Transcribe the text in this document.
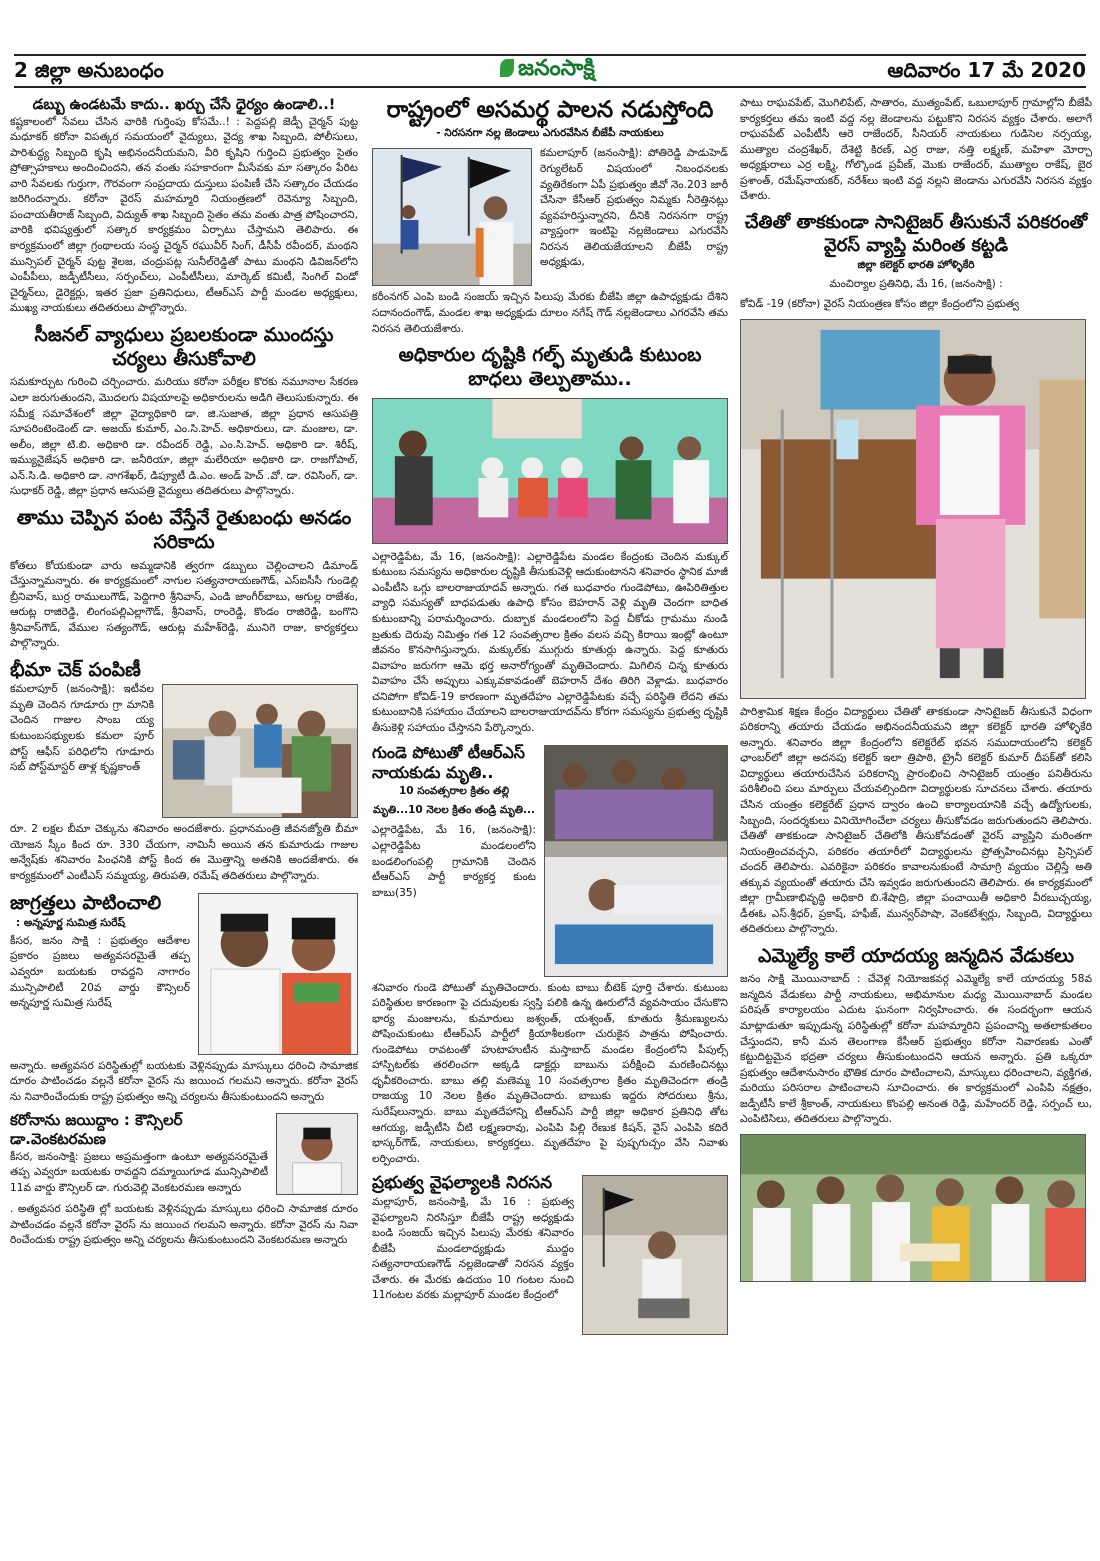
2 జిల్లా అనుబంధం	జనంసాక్షి	ఆదివారం 17 మే 2020
డబ్బు ఉండటమే కాదు.. ఖర్చు చేసే ధైర్యం ఉండాలి..!

కష్టకాలంలో సేవలు చేసిన వారికి గుర్తింపు కోసమే..! : పెద్దపల్లి జెడ్పీ చైర్మన్ పుట్ట మధూకర్ కరోనా విపత్కర సమయంలో వైద్యులు, వైద్య శాఖ సిబ్బంది, పోలీసులు, పారిశుద్ధ్య సిబ్బంది కృషి అభినందనీయమని, వీరి కృషిని గుర్తించి ప్రభుత్వం సైతం ప్రోత్సాహకాలు అందించిందని, తన వంతు సహకారంగా మీసేవకు మా సత్కారం పేరిట వారి సేవలకు గుర్తుగా, గౌరవంగా సంప్రదాయ దుస్తులు పంపిణీ చేసి సత్కారం చేయడం జరిగిందన్నారు. కరోనా వైరస్ మహమ్మారి నియంత్రణలో రెవెన్యూ సిబ్బంది, పంచాయతీరాజ్ సిబ్బంది, విద్యుత్ శాఖ సిబ్బంది సైతం తమ వంతు పాత్ర పోషించారని, వారికి భవిష్యత్తులో సత్కార కార్యక్రమం ఏర్పాటు చేస్తామని తెలిపారు. ఈ కార్యక్రమంలో జిల్లా గ్రంథాలయ సంస్థ చైర్మన్ రఘువీర్ సింగ్, డీసీపీ రవీందర్, మంథని మున్సిపల్ చైర్మన్ పుట్ట శైలజ, చంద్రుపట్ల సునీల్‌రెడ్డితో పాటు మంథని డివిజన్‌లోని ఎంపీపీలు, జడ్పీటీసీలు, సర్పంచ్‌లు, ఎంపీటీసీలు, మార్కెట్ కమిటీ, సింగిల్ విండో చైర్మన్‌లు, డైరెక్టర్లు, ఇతర ప్రజా ప్రతినిధులు, టీఆర్ఎస్ పార్టీ మండల అధ్యక్షులు, ముఖ్య నాయకులు తదితరులు పాల్గొన్నారు.

సీజనల్ వ్యాధులు ప్రబలకుండా ముందస్తు చర్యలు తీసుకోవాలి

సమకూర్చుట గురించి చర్చించారు. మరియు కరోనా పరీక్షల కొరకు నమూనాల సేకరణ ఎలా జరుగుతుందని, మొదలగు విషయాలపై అధికారులను అడిగి తెలుసుకున్నారు. ఈ సమీక్ష సమావేశంలో జిల్లా వైద్యాధికారి డా. జి.సుజాత, జిల్లా ప్రధాన ఆసుపత్రి సూపరింటెండెంట్ డా. అజయ్ కుమార్, ఎం.సి.హెచ్. అధికారులు, డా. మంజుల, డా. అలీం, జిల్లా టి.బి. అధికారి డా. రవీందర్ రెడ్డి, ఎం.సి.హెచ్. అధికారి డా. శిరీష్, ఇమ్యునైజేషన్ అధికారి డా. జనీరియా, జిల్లా మలేరియా అధికారి డా. రాజగోపాల్, ఎన్.సి.డి. అధికారి డా. నాగశేఖర్, డిప్యూటీ డి.ఎం. అండ్ హెచ్ .వో. డా. రవిసింగ్, డా. సుధాకర్ రెడ్డి, జిల్లా ప్రధాన ఆసుపత్రి వైద్యులు తదితరులు పాల్గొన్నారు.

తాము చెప్పిన పంట వేస్తేనే రైతుబంధు అనడం సరికాదు

కోతలు కోయకుండా వారు అమ్మడానికి త్వరగా డబ్బులు చెల్లించాలని డిమాండ్ చేస్తున్నామన్నారు. ఈ కార్యక్రమంలో నాగుల సత్యనారాయణగౌడ్, ఎస్‌ఐసీసీ గుండెల్లి బ్రీనివాస్, బుర్ర రాములుగౌడ్, పెద్దిగారి శ్రీనివాస్, ఎండి జాంగీర్‌బాబు, అగుల్ల రాజేశం, ఆరుట్ల రాజిరెడ్డి, లింగంపల్లిఎల్లాగౌడ్, శ్రీనివాస్, రాంరెడ్డి, కొండం రాజిరెడ్డి, బంగొని శ్రీనివాస్‌గౌడ్, వేముల సత్యంగౌడ్, ఆరుట్ల మహేశ్‌రెడ్డి, మునిగె రాజు, కార్యకర్తలు పాల్గొన్నారు.

భీమా చెక్ పంపిణీ

కమలాపూర్ (జనంసాక్షి): ఇటీవల మృతి చెందిన గూడూరు గ్రా మానికి చెందిన గాజుల సాంబ య్య కుటుంబసభ్యులకు కమలా పూర్ పోస్ట్ ఆఫీస్ పరిధిలోని గూడూరు సబ్ పోస్ట్‌మాస్టర్ తాళ్ల కృష్ణకాంత్

రూ. 2 లక్షల బీమా చెక్కును శనివారం అందజేశారు. ప్రధానమంత్రి జీవనజ్యోతి బీమా యోజన స్కీం కింద రూ. 330 చేయగా, నామినీ అయిన తన కుమారుడు గాజుల అన్వేష్‌కు శనివారం పింఛనికి పోస్ట్ కింద ఈ మొత్తాన్ని అతనికి అందజేశారు. ఈ కార్యక్రమంలో ఎంటీఎస్ సమ్మయ్య, తిరుపతి, రమేష్ తదితరులు పాల్గొన్నారు.

జాగ్రత్తలు పాటించాలి
: అన్నపూర్ణ సుమిత్ర సురేష్

కీసర, జనం సాక్షి : ప్రభుత్వం ఆదేశాల ప్రకారం ప్రజలు అత్యవసరమైతే తప్ప ఎవ్వరూ బయటకు రావద్దని నాగారం మున్సిపాలిటీ 20వ వార్డు కౌన్సిలర్ అన్నపూర్ణ సుమిత్ర సురేష్

అన్నారు. అత్యవసర పరిస్థితుల్లో బయటకు వెళ్లినప్పుడు మాస్కులు ధరించి సామాజిక దూరం పాటించడం వల్లనే కరోనా వైరస్ ను జయించ గలమని అన్నారు. కరోనా వైరస్ ను నివారించేందుకు రాష్ట్ర ప్రభుత్వం అన్ని చర్యలను తీసుకుంటుందని అన్నారు

కరోనాను జయిద్దాం : కౌన్సిలర్ డా.వెంకటరమణ

కీసర, జనంసాక్షి: ప్రజలు అప్రమత్తంగా ఉంటూ అత్యవసరమైతే తప్ప ఎవ్వరూ బయటకు రావద్దని దమ్మాయిగూడ మున్సిపాలిటీ 11వ వార్డు కౌన్సిలర్ డా. గురువెల్లి వెంకటరమణ అన్నారు

. అత్యవసర పరిస్థితి ల్లో బయటకు వెళ్లినప్పుడు మాస్కులు ధరించి సామాజిక దూరం పాటించడం వల్లనే కరోనా వైరస్ ను జయించ గలమని అన్నారు. కరోనా వైరస్ ను నివా రించేందుకు రాష్ట్ర ప్రభుత్వం అన్ని చర్యలను తీసుకుంటుందని వెంకటరమణ అన్నారు

రాష్ట్రంలో అసమర్థ పాలన నడుస్తోంది
- నిరసనగా నల్ల జెండాలు ఎగురవేసిన బీజేపీ నాయకులు

కమలాపూర్ (జనంసాక్షి): పోతిరెడ్డి పాడుహెడ్ రెగ్యులేటర్ విషయంలో నిబంధనలకు వ్యతిరేకంగా ఏపీ ప్రభుత్వం జీవో నెం.203 జారీ చేసినా కేసీఆర్ ప్రభుత్వం నిమ్మకు నీరెత్తినట్లు వ్యవహరిస్తున్నారని, దీనికి నిరసనగా రాష్ట్ర వ్యాప్తంగా ఇంటిపై నల్లజెండాలు ఎగురవేసి నిరసన తెలియజేయాలని బీజేపీ రాష్ట్ర అధ్యక్షుడు,

కరీంనగర్ ఎంపి బండి సంజయ్ ఇచ్చిన పిలుపు మేరకు బీజేపి జిల్లా ఉపాధ్యక్షుడు దేశిని సదానందంగౌడ్, మండల శాఖ అధ్యక్షుడు దూలం నగేష్ గౌడ్ నల్లజెండాలు ఎగరవేసి తమ నిరసన తెలియజేశారు.

అధికారుల దృష్టికి గల్ఫ్ మృతుడి కుటుంబ బాధలు తెల్పుతాము..

ఎల్లారెడ్డిపేట, మే 16, (జనంసాక్షి): ఎల్లారెడ్డిపేట మండల కేంద్రంకు చెందిన మక్కుల్ కుటుంబ సమస్యను అధికారుల దృష్టికి తీసుకువెళ్లి ఆదుకుంటానని శనివారం స్థానిక మాజీ ఎంపీటీసి ఒగ్గు బాలరాజుయాదవ్ అన్నారు. గత బుధవారం గుండెపోటు, ఊపిరితిత్తుల వ్యాధి సమస్యతో బాధపడుతు ఉపాధి కోసం బెహరాన్ వెళ్లి మృతి చెందగా బాధిత కుటుంబాన్ని పరామర్శించారు. దుబ్బాక మండలంలోని పెద్ద చీకోడు గ్రామము నుండి బ్రతుకు దెరువు నిమిత్తం గత 12 సంవత్సరాల క్రితం వలస వచ్చి కిరాయి ఇంట్లో ఉంటూ జీవనం కొనసాగిస్తున్నారు. మక్కుల్‌కు ముగ్గురు కూతుర్లు ఉన్నారు. పెద్ద కూతురు వివాహం జరుగగా ఆమె భర్త అనారోగ్యంతో మృతిచెందారు. మిగిలిన చిన్న కూతురు వివాహం చేసే అప్పులు ఎక్కువకావడంతో బెహరాన్ దేశం తిరిగి వెళ్లాడు. బుధవారం చనిపోగా కోవిడ్-19 కారణంగా మృతదేహం ఎల్లారెడ్డిపేటకు వచ్చే పరిస్థితి లేదని తమ కుటుంబానికి సహాయం చేయాలని బాలరాజుయాదవ్‌ను కోరగా సమస్యను ప్రభుత్వ దృష్టికి తీసుకెళ్లి సహాయం చేస్తానని పేర్కొన్నారు.

గుండె పోటుతో టీఆర్ఎస్ నాయకుడు మృతి..
10 సంవత్సరాల క్రితం తల్లి
మృతి...10 నెలల క్రితం తండ్రి మృతి...

ఎల్లారెడ్డిపేట, మే 16, (జనంసాక్షి): ఎల్లారెడ్డిపేట మండలంలోని బండలింగంపల్లి గ్రామానికి చెందిన టీఆర్ఎస్ పార్టీ కార్యకర్త కుంట బాబు(35)

శనివారం గుండె పోటుతో మృతిచెందారు. కుంట బాబు బీటెక్ పూర్తి చేశారు. కుటుంబ పరిస్థితుల కారణంగా పై చదువులకు స్వస్తి పలికి ఉన్న ఊరులోనే వ్యవసాయం చేసుకొని భార్య మంజులను, కుమారులు జశ్వంత్, యశ్వంత్, కూతురు శ్రీమణ్యులను పోషించుకుంటు టీఆర్ఎస్ పార్టీలో క్రియాశీలకంగా చురుకైన పాత్రను పోషించారు. గుండెపోటు రావటంతో హుటాహుటీన మస్తాబాద్ మండల కేంద్రంలోని పీపుల్స్ హాస్పిటల్‌కు తరలించగా అక్కడి డాక్టర్లు బాబును పరీక్షించి మరణించినట్లు ధృవీకరించారు. బాబు తల్లి మణెమ్మ 10 సంవత్సరాల క్రితం మృతిచెందగా తండ్రి రాజయ్య 10 నెలల క్రితం మృతిచెందారు. బాబుకు ఇద్దరు సోదరులు శ్రీను, సురేష్‌లున్నారు. బాబు మృతదేహాన్ని టీఆర్ఎస్ పార్టీ జిల్లా అధికార ప్రతినిధి తోట ఆగయ్య, జడ్పీటీసి చీటి లక్ష్మణరావు, ఎంపిపి పిల్లి రేణుక కిషన్, వైస్ ఎంపిపి కదిరే భాస్కర్‌గౌడ్, నాయకులు, కార్యకర్తలు. మృతదేహం పై పుష్పగుచ్చం వేసి నివాళు లర్పించారు.

ప్రభుత్వ వైఫల్యాలకి నిరసన

మల్లాపూర్, జనంసాక్షి, మే 16 : ప్రభుత్వ వైఫల్యాలని నిరసిస్తూ బీజేపీ రాష్ట్ర అధ్యక్షుడు బండి సంజయ్ ఇచ్చిన పిలుపు మేరకు శనివారం బీజేపీ మండలాధ్యక్షుడు ముద్దం సత్యనారాయణగౌడ్ నల్లజెండాతో నిరసన వ్యక్తం చేశారు. ఈ మేరకు ఉదయం 10 గంటల నుంచి 11గంటల వరకు మల్లాపూర్ మండల కేంద్రంలో

పాటు రాఘవపేట్, మొగిలిపేట్, సాతారం, ముత్యంపేట్, ఒబులాపూర్ గ్రామాల్లోని బీజేపీ కార్యకర్తలు తమ ఇంటి వద్ద నల్ల జెండాలను పట్టుకొని నిరసన వ్యక్తం చేశారు. అలాగే రాఘవపేట్ ఎంపీటీసీ ఆరె రాజేందర్, సీనియర్ నాయకులు గుడిసెల నర్సయ్య, ముత్యాల చంద్రశేఖర్, దేశెట్టి కిరణ్, ఎర్ర రాజు, నత్తి లక్ష్మణ్, మహిళా మోర్చా అధ్యక్షురాలు ఎర్ర లక్ష్మి, గోల్కొండ ప్రవీణ్, మొకు రాజేందర్, ముత్యాల రాకేష్, బైర ప్రశాంత్, రమేష్‌నాయకర్, నరేశ్‌లు ఇంటి వద్ద నల్లని జెండాను ఎగురవేసి నిరసన వ్యక్తం చేశారు.

చేతితో తాకకుండా సానిటైజర్ తీసుకునే పరికరంతో వైరస్ వ్యాప్తి మరింత కట్టడి
జిల్లా కలెక్టర్ భారతి హోళ్ళికేరి
మంచిర్యాల ప్రతినిధి, మే 16, (జనంసాక్షి) :

కోవిడ్ -19 (కరోనా) వైరస్ నియంత్రణ కోసం జిల్లా కేంద్రంలోని ప్రభుత్వ

పారిశ్రామిక శిక్షణ కేంద్రం విద్యార్థులు చేతితో తాకకుండా సానిటైజర్ తీసుకునే విధంగా పరికరాన్ని తయారు చేయడం అభినందనీయమని జిల్లా కలెక్టర్ భారతి హోళ్ళికేరి అన్నారు. శనివారం జిల్లా కేంద్రంలోని కలెక్టరేట్ భవన సముదాయంలోని కలెక్టర్ ఛాంబర్‌లో జిల్లా అదనపు కలెక్టర్ ఇలా త్రిపాఠి, ట్రైనీ కలెక్టర్ కుమార్ దీపక్‌తో కలిసి విద్యార్థులు తయారుచేసిన పరికరాన్ని ప్రారంభించి సానిటైజర్ యంత్రం పనితీరును పరిశీలించి పలు మార్పులు చేయవల్సిందిగా విద్యార్థులకు సూచనలు చేశారు. తయారు చేసిన యంత్రం కలెక్టరేట్ ప్రధాన ద్వారం ఉంచి కార్యాలయానికి వచ్చే ఉద్యోగులకు, సిబ్బంది, సందర్శకులు వినియోగించేలా చర్యలు తీసుకోవడం జరుగుతుందని తెలిపారు. చేతితో తాకకుండా సానిటైజర్ చేతిలోకి తీసుకోవడంతో వైరస్ వ్యాప్తిని మరింతగా నియంత్రించవచ్చని, పరికరం తయారీలో విద్యార్థులను ప్రోత్సహించినట్లు ప్రిన్సిపల్ చందర్ తెలిపారు. ఎవరికైనా పరికరం కావాలనుకుంటే సామాగ్రి వ్యయం చెల్లిస్తే అతి తక్కువ వ్యయంతో తయారు చేసి ఇవ్వడం జరుగుతుందని తెలిపారు. ఈ కార్యక్రమంలో జిల్లా గ్రామీణాభివృద్ధి అధికారి బి.శేషాద్రి, జిల్లా పంచాయితీ అధికారి వీరబుచ్చయ్య, డీఈఓ ఎస్.శ్రీధర్, ప్రకాష్, హఫీజ్, మున్వర్‌పాషా, వెంకటేశ్వర్లు, సిబ్బంది, విద్యార్థులు తదితరులు పాల్గొన్నారు.

ఎమ్మెల్యే కాలే యాదయ్య జన్మదిన వేడుకలు

జనం సాక్షి మొయినాబాద్ : చేవెళ్ల నియోజకవర్గ ఎమ్మెల్యే కాలే యాదయ్య 58వ జన్మదిన వేడుకలు పార్టీ నాయకులు, అభిమానుల మధ్య మొయినాబాద్ మండల పరిషత్ కార్యాలయం ఎదుట ఘనంగా నిర్వహించారు. ఈ సందర్భంగా ఆయన మాట్లాడుతూ ఇప్పుడున్న పరిస్థితుల్లో కరోనా మహమ్మారిని ప్రపంచాన్ని అతలాకుతలం చేస్తుందని, కానీ మన తెలంగాణ కేసీఆర్ ప్రభుత్వం కరోనా నివారణకు ఎంతో కట్టుదిట్టమైన భద్రతా చర్యలు తీసుకుంటుందని ఆయన అన్నారు. ప్రతి ఒక్కరూ ప్రభుత్వం ఆదేశానుసారం భౌతిక దూరం పాటించాలని, మాస్కులు ధరించాలని, వ్యక్తిగత, మరియు పరిసరాల పాటించాలని సూచించారు. ఈ కార్యక్రమంలో ఎంపిపి నక్షత్రం, జడ్పీటీసీ కాలే శ్రీకాంత్, నాయకులు కొంపల్లి అనంత రెడ్డి, మహేందర్ రెడ్డి, సర్పంచ్ లు, ఎంపిటిసిలు, తదితరులు పాల్గొన్నారు.
